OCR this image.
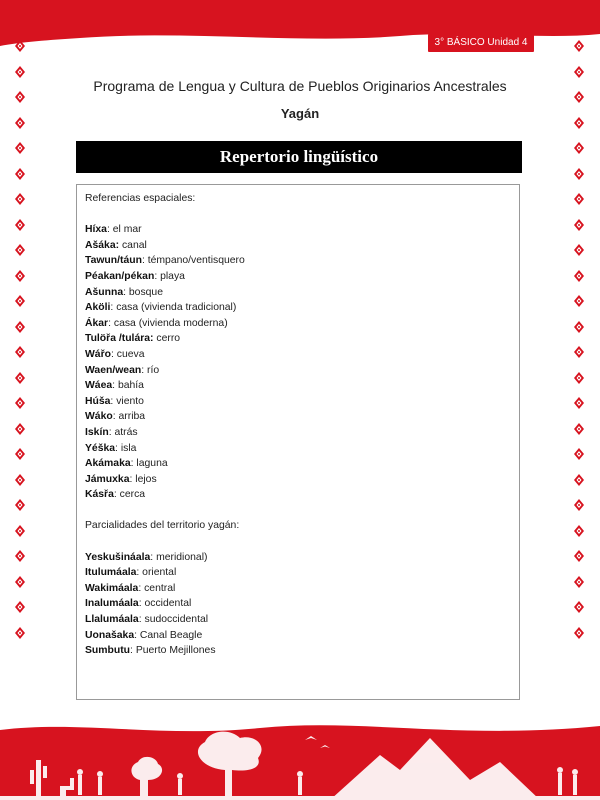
3° BÁSICO Unidad 4
Programa de Lengua y Cultura de Pueblos Originarios Ancestrales
Yagán
Repertorio lingüístico
Referencias espaciales:
Híxa: el mar
Ašáka: canal
Tawun/táun: témpano/ventisquero
Péakan/pékan: playa
Ašunna: bosque
Aköli: casa (vivienda tradicional)
Ákar: casa (vivienda moderna)
Tulöřa /tulára: cerro
Wářo: cueva
Waen/wean: río
Wáea: bahía
Húša: viento
Wáko: arriba
Iskín: atrás
Yéška: isla
Akámaka: laguna
Jámuxka: lejos
Kásřa: cerca
Parcialidades del territorio yagán:
Yeskušináala: meridional)
Itulumáala: oriental
Wakimáala: central
Inalumáala: occidental
Llalumáala: sudoccidental
Uonašaka: Canal Beagle
Sumbutu: Puerto Mejillones
